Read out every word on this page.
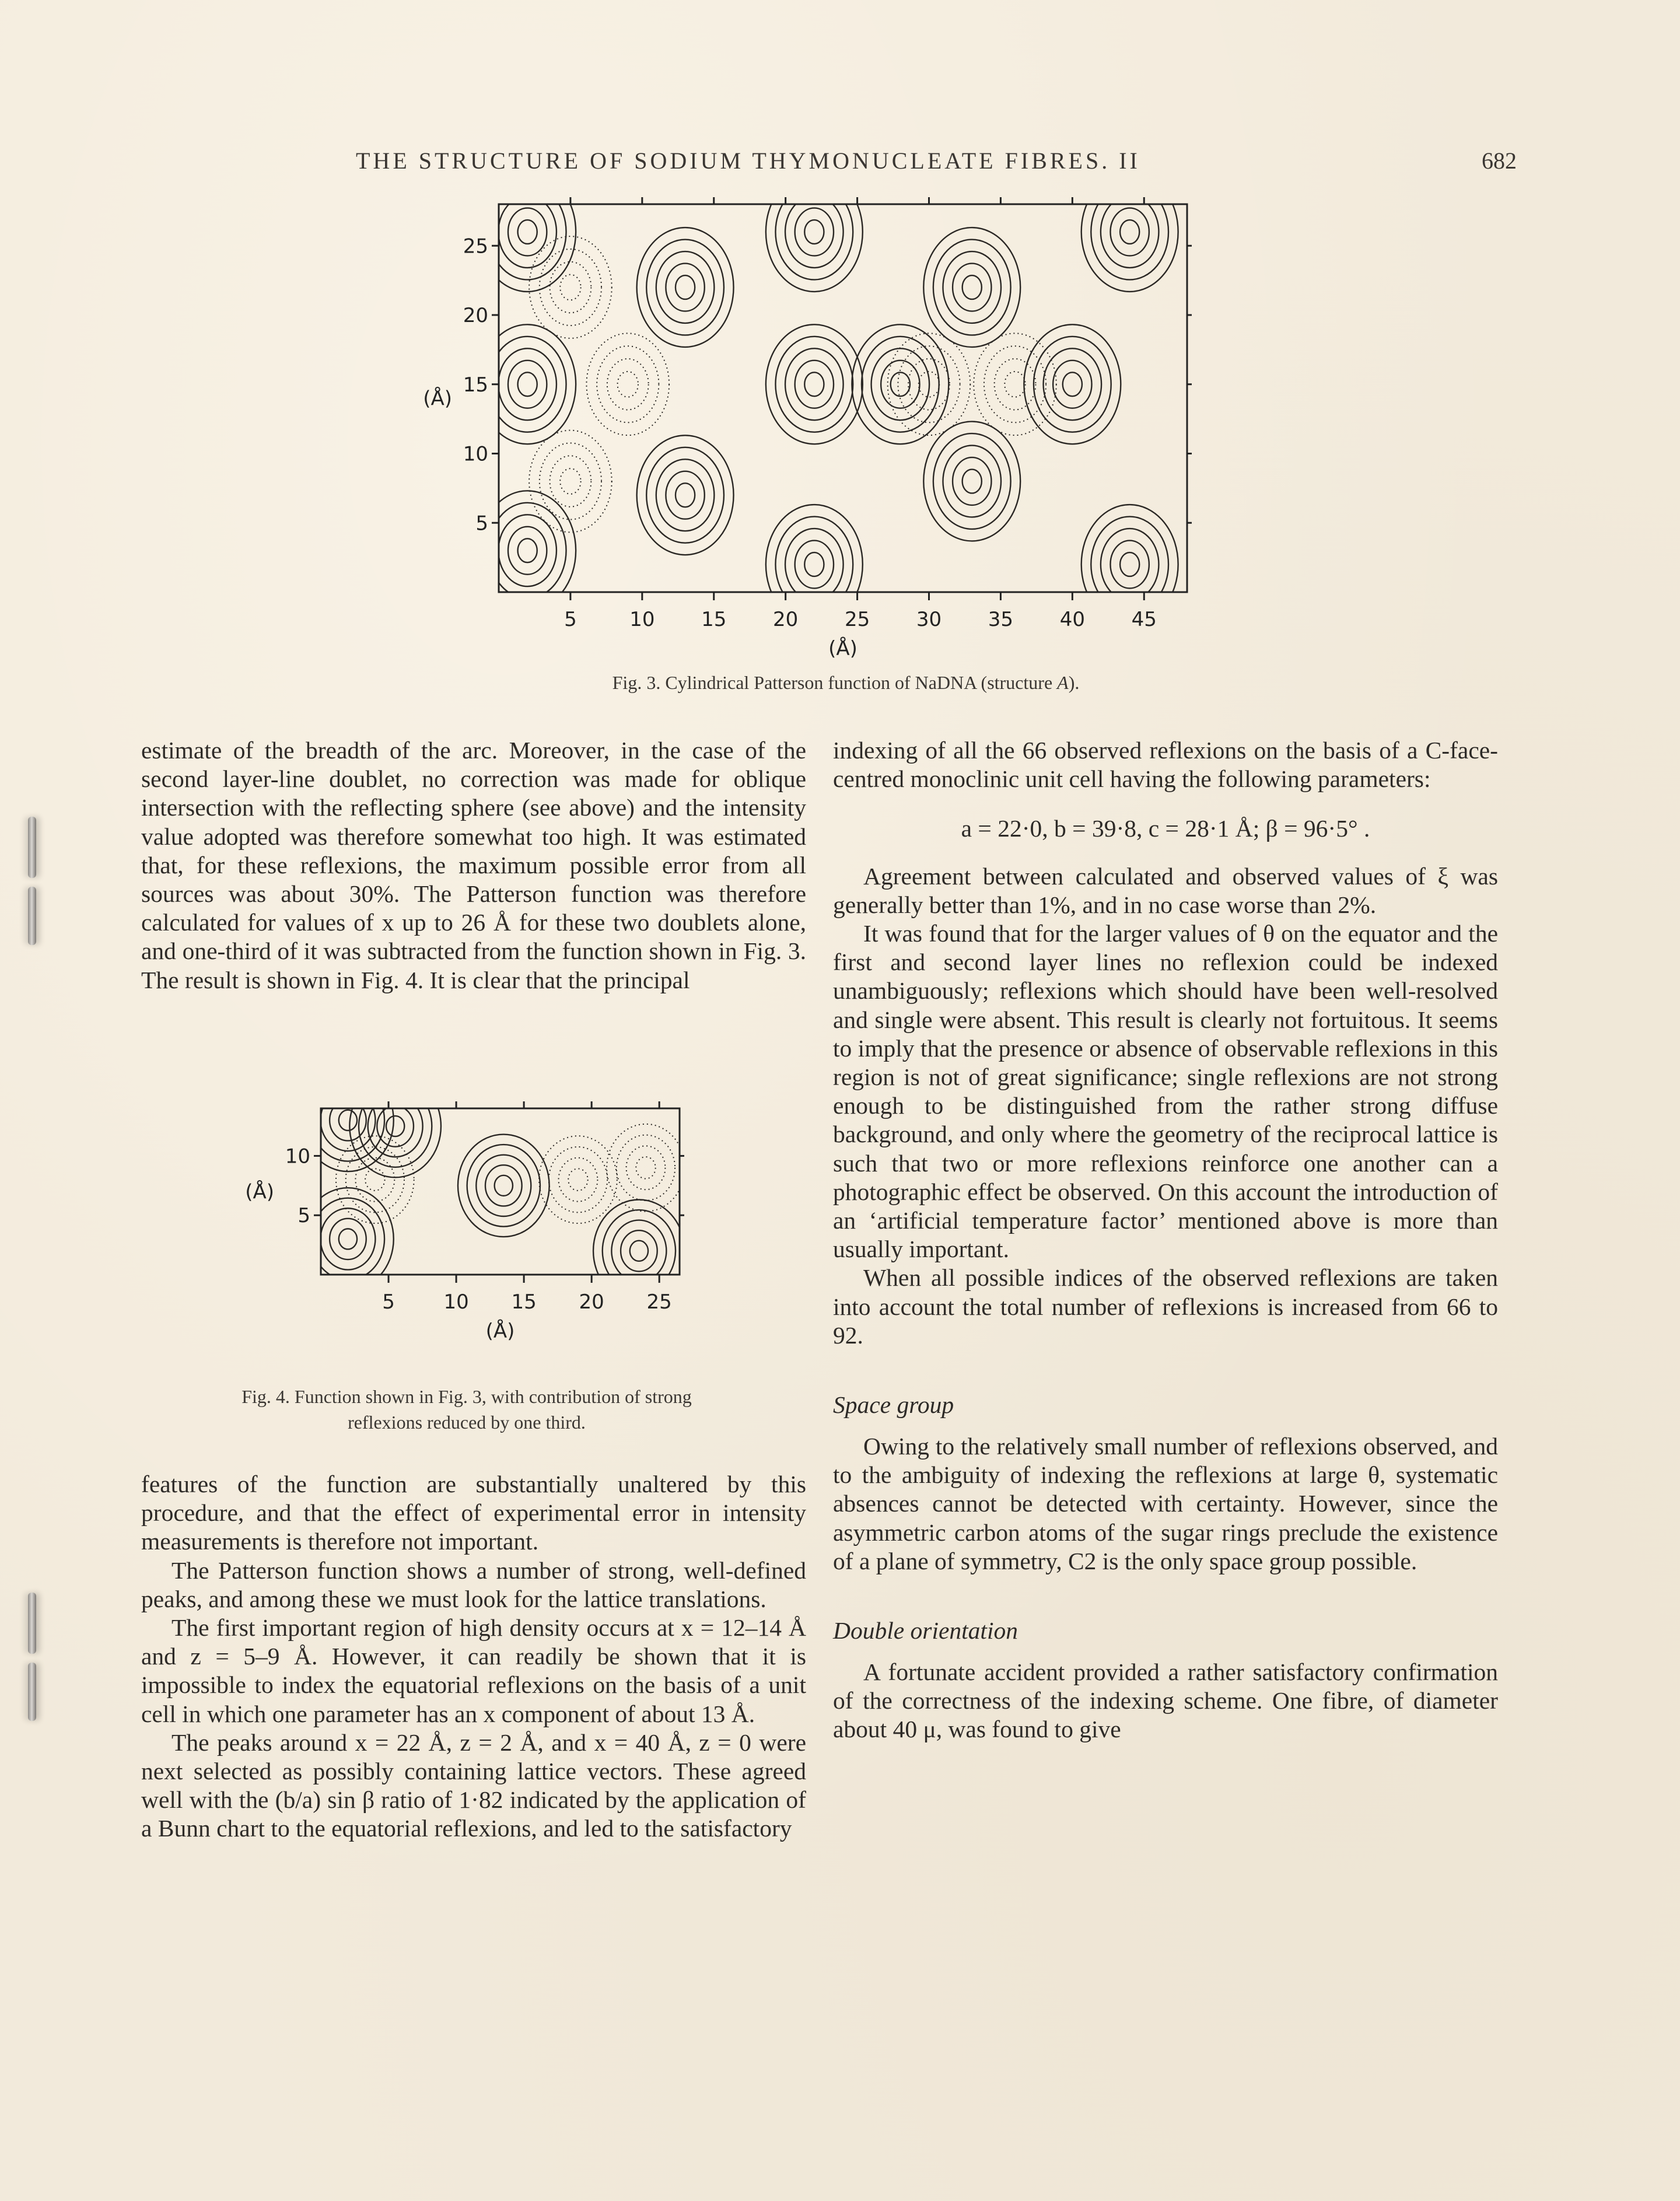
THE STRUCTURE OF SODIUM THYMONUCLEATE FIBRES. II	682
5	10 15 20 25 30 35 40 45
5
10
15
20
25
(Å)
(Å)
Fig. 3. Cylindrical Patterson function of NaDNA (structure A).

estimate of the breadth of the arc. Moreover, in the case of the second layer-line doublet, no correction was made for oblique intersection with the reflecting sphere (see above) and the intensity value adopted was therefore somewhat too high. It was estimated that, for these reflexions, the maximum possible error from all sources was about 30%. The Patterson function was therefore calculated for values of x up to 26 Å for these two doublets alone, and one-third of it was subtracted from the function shown in Fig. 3. The result is shown in Fig. 4. It is clear that the principal

5 10 15 20 25
5
10
(Å)
(Å)
Fig. 4. Function shown in Fig. 3, with contribution of strong
reflexions reduced by one third.

features of the function are substantially unaltered by this procedure, and that the effect of experimental error in intensity measurements is therefore not important.

The Patterson function shows a number of strong, well-defined peaks, and among these we must look for the lattice translations.

The first important region of high density occurs at x = 12–14 Å and z = 5–9 Å. However, it can readily be shown that it is impossible to index the equatorial reflexions on the basis of a unit cell in which one parameter has an x component of about 13 Å.

The peaks around x = 22 Å, z = 2 Å, and x = 40 Å, z = 0 were next selected as possibly containing lattice vectors. These agreed well with the (b/a) sin β ratio of 1·82 indicated by the application of a Bunn chart to the equatorial reflexions, and led to the satisfactory

indexing of all the 66 observed reflexions on the basis of a C-face-centred monoclinic unit cell having the following parameters:

a = 22·0, b = 39·8, c = 28·1 Å; β = 96·5° .

Agreement between calculated and observed values of ξ was generally better than 1%, and in no case worse than 2%.

It was found that for the larger values of θ on the equator and the first and second layer lines no reflexion could be indexed unambiguously; reflexions which should have been well-resolved and single were absent. This result is clearly not fortuitous. It seems to imply that the presence or absence of observable reflexions in this region is not of great significance; single reflexions are not strong enough to be distinguished from the rather strong diffuse background, and only where the geometry of the reciprocal lattice is such that two or more reflexions reinforce one another can a photographic effect be observed. On this account the introduction of an ‘artificial temperature factor’ mentioned above is more than usually important.

When all possible indices of the observed reflexions are taken into account the total number of reflexions is increased from 66 to 92.

Space group

Owing to the relatively small number of reflexions observed, and to the ambiguity of indexing the reflexions at large θ, systematic absences cannot be detected with certainty. However, since the asymmetric carbon atoms of the sugar rings preclude the existence of a plane of symmetry, C2 is the only space group possible.

Double orientation

A fortunate accident provided a rather satisfactory confirmation of the correctness of the indexing scheme. One fibre, of diameter about 40 μ, was found to give
